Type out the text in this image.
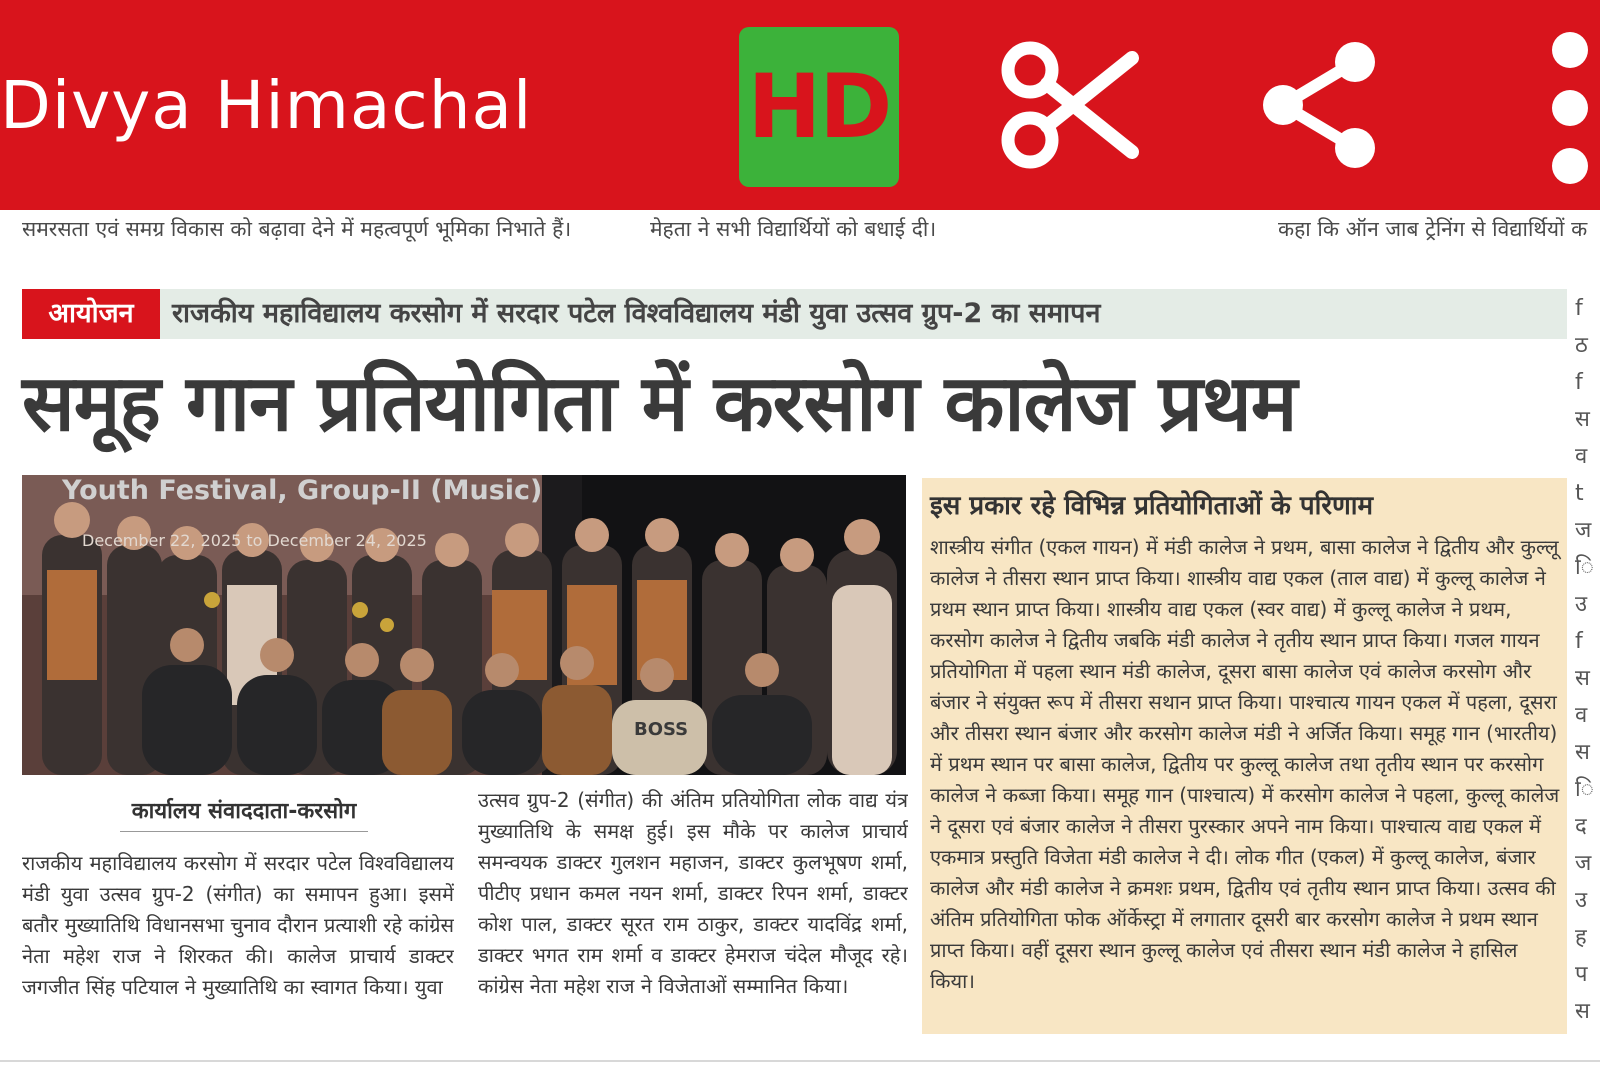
Divya Himachal HD
समरसता एवं समग्र विकास को बढ़ावा देने में महत्वपूर्ण भूमिका निभाते हैं।	मेहता ने सभी विद्यार्थियों को बधाई दी।	कहा कि ऑन जाब ट्रेनिंग से विद्यार्थियों क
आयोजन	राजकीय महाविद्यालय करसोग में सरदार पटेल विश्वविद्यालय मंडी युवा उत्सव ग्रुप-2 का समापन
समूह गान प्रतियोगिता में करसोग कालेज प्रथम
Youth Festival, Group-II (Music)
December 22, 2025 to December 24, 2025
BOSS
कार्यालय संवाददाता-करसोग
राजकीय महाविद्यालय करसोग में सरदार पटेल विश्वविद्यालय मंडी युवा उत्सव ग्रुप-2 (संगीत) का समापन हुआ। इसमें बतौर मुख्यातिथि विधानसभा चुनाव दौरान प्रत्याशी रहे कांग्रेस नेता महेश राज ने शिरकत की। कालेज प्राचार्य डाक्टर जगजीत सिंह पटियाल ने मुख्यातिथि का स्वागत किया। युवा
उत्सव ग्रुप-2 (संगीत) की अंतिम प्रतियोगिता लोक वाद्य यंत्र मुख्यातिथि के समक्ष हुई। इस मौके पर कालेज प्राचार्य समन्वयक डाक्टर गुलशन महाजन, डाक्टर कुलभूषण शर्मा, पीटीए प्रधान कमल नयन शर्मा, डाक्टर रिपन शर्मा, डाक्टर कोश पाल, डाक्टर सूरत राम ठाकुर, डाक्टर यादविंद्र शर्मा, डाक्टर भगत राम शर्मा व डाक्टर हेमराज चंदेल मौजूद रहे। कांग्रेस नेता महेश राज ने विजेताओं सम्मानित किया।
इस प्रकार रहे विभिन्न प्रतियोगिताओं के परिणाम
शास्त्रीय संगीत (एकल गायन) में मंडी कालेज ने प्रथम, बासा कालेज ने द्वितीय और कुल्लू कालेज ने तीसरा स्थान प्राप्त किया। शास्त्रीय वाद्य एकल (ताल वाद्य) में कुल्लू कालेज ने प्रथम स्थान प्राप्त किया। शास्त्रीय वाद्य एकल (स्वर वाद्य) में कुल्लू कालेज ने प्रथम, करसोग कालेज ने द्वितीय जबकि मंडी कालेज ने तृतीय स्थान प्राप्त किया। गजल गायन प्रतियोगिता में पहला स्थान मंडी कालेज, दूसरा बासा कालेज एवं कालेज करसोग और बंजार ने संयुक्त रूप में तीसरा सथान प्राप्त किया। पाश्चात्य गायन एकल में पहला, दूसरा और तीसरा स्थान बंजार और करसोग कालेज मंडी ने अर्जित किया। समूह गान (भारतीय) में प्रथम स्थान पर बासा कालेज, द्वितीय पर कुल्लू कालेज तथा तृतीय स्थान पर करसोग कालेज ने कब्जा किया। समूह गान (पाश्चात्य) में करसोग कालेज ने पहला, कुल्लू कालेज ने दूसरा एवं बंजार कालेज ने तीसरा पुरस्कार अपने नाम किया। पाश्चात्य वाद्य एकल में एकमात्र प्रस्तुति विजेता मंडी कालेज ने दी। लोक गीत (एकल) में कुल्लू कालेज, बंजार कालेज और मंडी कालेज ने क्रमशः प्रथम, द्वितीय एवं तृतीय स्थान प्राप्त किया। उत्सव की अंतिम प्रतियोगिता फोक ऑर्केस्ट्रा में लगातार दूसरी बार करसोग कालेज ने प्रथम स्थान प्राप्त किया। वहीं दूसरा स्थान कुल्लू कालेज एवं तीसरा स्थान मंडी कालेज ने हासिल किया।
f
ठ
f
स
व
t
ज
ि
उ
f
स
व
स
ि
द
ज
उ
ह
प
स
